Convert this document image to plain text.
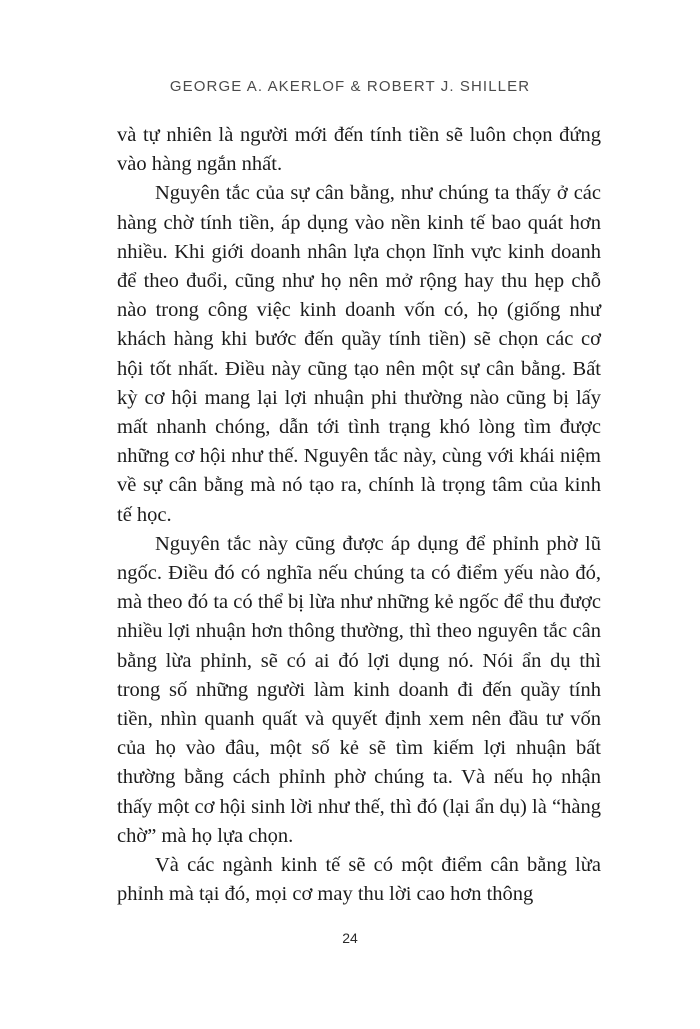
GEORGE A. AKERLOF & ROBERT J. SHILLER

và tự nhiên là người mới đến tính tiền sẽ luôn chọn đứng vào hàng ngắn nhất.

Nguyên tắc của sự cân bằng, như chúng ta thấy ở các hàng chờ tính tiền, áp dụng vào nền kinh tế bao quát hơn nhiều. Khi giới doanh nhân lựa chọn lĩnh vực kinh doanh để theo đuổi, cũng như họ nên mở rộng hay thu hẹp chỗ nào trong công việc kinh doanh vốn có, họ (giống như khách hàng khi bước đến quầy tính tiền) sẽ chọn các cơ hội tốt nhất. Điều này cũng tạo nên một sự cân bằng. Bất kỳ cơ hội mang lại lợi nhuận phi thường nào cũng bị lấy mất nhanh chóng, dẫn tới tình trạng khó lòng tìm được những cơ hội như thế. Nguyên tắc này, cùng với khái niệm về sự cân bằng mà nó tạo ra, chính là trọng tâm của kinh tế học.

Nguyên tắc này cũng được áp dụng để phỉnh phờ lũ ngốc. Điều đó có nghĩa nếu chúng ta có điểm yếu nào đó, mà theo đó ta có thể bị lừa như những kẻ ngốc để thu được nhiều lợi nhuận hơn thông thường, thì theo nguyên tắc cân bằng lừa phỉnh, sẽ có ai đó lợi dụng nó. Nói ẩn dụ thì trong số những người làm kinh doanh đi đến quầy tính tiền, nhìn quanh quất và quyết định xem nên đầu tư vốn của họ vào đâu, một số kẻ sẽ tìm kiếm lợi nhuận bất thường bằng cách phỉnh phờ chúng ta. Và nếu họ nhận thấy một cơ hội sinh lời như thế, thì đó (lại ẩn dụ) là “hàng chờ” mà họ lựa chọn.

Và các ngành kinh tế sẽ có một điểm cân bằng lừa phỉnh mà tại đó, mọi cơ may thu lời cao hơn thông

24
